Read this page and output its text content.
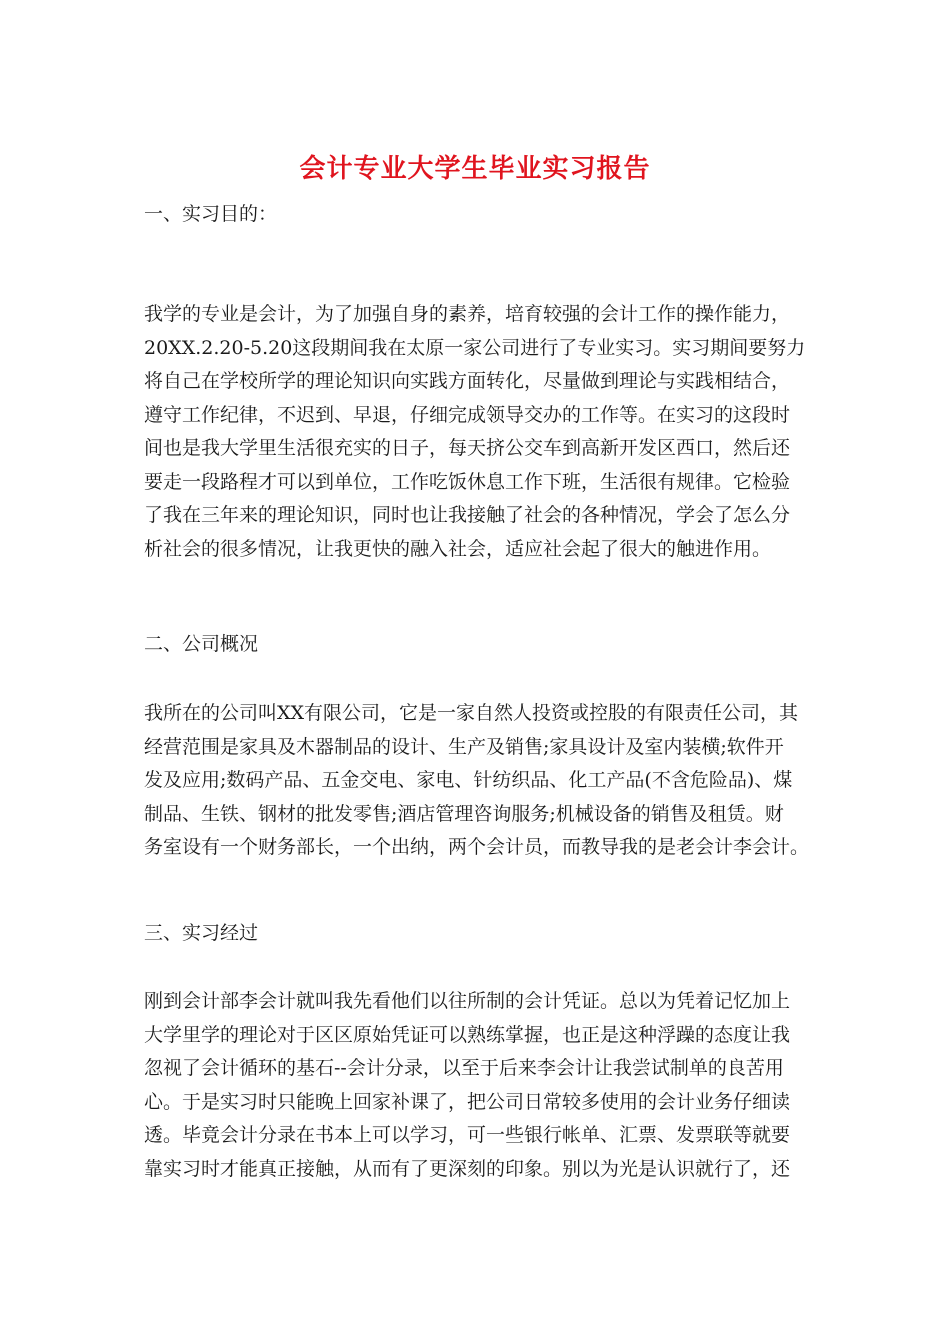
会计专业大学生毕业实习报告
一、实习目的：
我学的专业是会计，为了加强自身的素养，培育较强的会计工作的操作能力，
20XX.2.20-5.20这段期间我在太原一家公司进行了专业实习。实习期间要努力
将自己在学校所学的理论知识向实践方面转化，尽量做到理论与实践相结合，
遵守工作纪律，不迟到、早退，仔细完成领导交办的工作等。在实习的这段时
间也是我大学里生活很充实的日子，每天挤公交车到高新开发区西口，然后还
要走一段路程才可以到单位，工作吃饭休息工作下班，生活很有规律。它检验
了我在三年来的理论知识，同时也让我接触了社会的各种情况，学会了怎么分
析社会的很多情况，让我更快的融入社会，适应社会起了很大的触进作用。
二、公司概况
我所在的公司叫XX有限公司，它是一家自然人投资或控股的有限责任公司，其
经营范围是家具及木器制品的设计、生产及销售;家具设计及室内装横;软件开
发及应用;数码产品、五金交电、家电、针纺织品、化工产品(不含危险品)、煤
制品、生铁、钢材的批发零售;酒店管理咨询服务;机械设备的销售及租赁。财
务室设有一个财务部长，一个出纳，两个会计员，而教导我的是老会计李会计。
三、实习经过
刚到会计部李会计就叫我先看他们以往所制的会计凭证。总以为凭着记忆加上
大学里学的理论对于区区原始凭证可以熟练掌握，也正是这种浮躁的态度让我
忽视了会计循环的基石--会计分录，以至于后来李会计让我尝试制单的良苦用
心。于是实习时只能晚上回家补课了，把公司日常较多使用的会计业务仔细读
透。毕竟会计分录在书本上可以学习，可一些银行帐单、汇票、发票联等就要
靠实习时才能真正接触，从而有了更深刻的印象。别以为光是认识就行了，还
